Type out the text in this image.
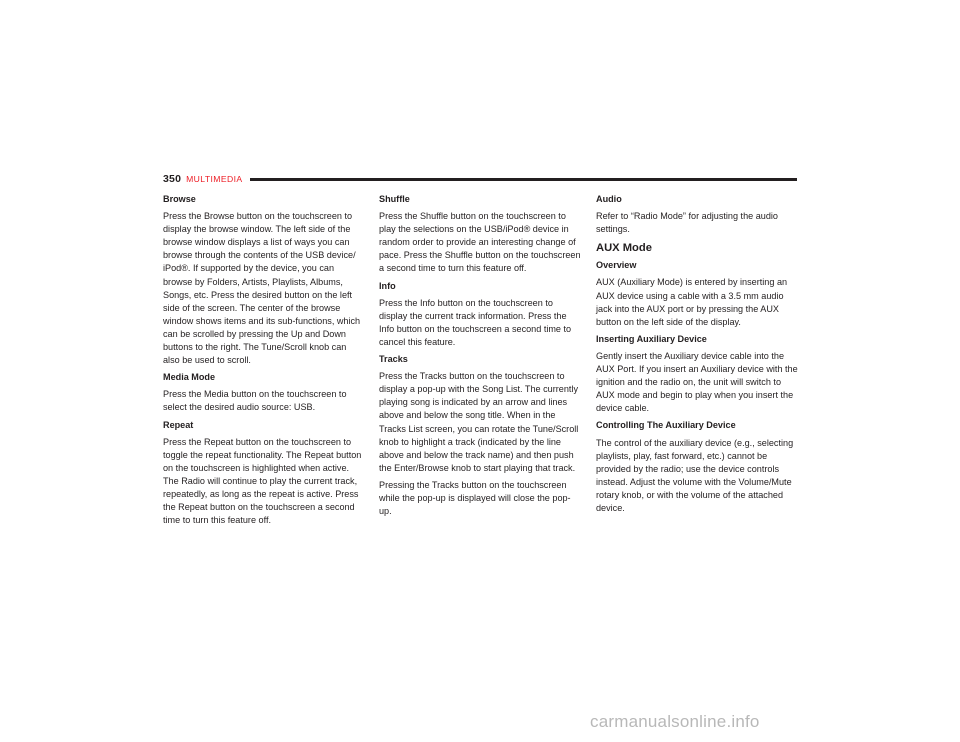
350 MULTIMEDIA
Browse
Press the Browse button on the touchscreen to display the browse window. The left side of the browse window displays a list of ways you can browse through the contents of the USB device/ iPod®. If supported by the device, you can browse by Folders, Artists, Playlists, Albums, Songs, etc. Press the desired button on the left side of the screen. The center of the browse window shows items and its sub-functions, which can be scrolled by pressing the Up and Down buttons to the right. The Tune/Scroll knob can also be used to scroll.
Media Mode
Press the Media button on the touchscreen to select the desired audio source: USB.
Repeat
Press the Repeat button on the touchscreen to toggle the repeat functionality. The Repeat button on the touchscreen is highlighted when active. The Radio will continue to play the current track, repeatedly, as long as the repeat is active. Press the Repeat button on the touchscreen a second time to turn this feature off.
Shuffle
Press the Shuffle button on the touchscreen to play the selections on the USB/iPod® device in random order to provide an interesting change of pace. Press the Shuffle button on the touchscreen a second time to turn this feature off.
Info
Press the Info button on the touchscreen to display the current track information. Press the Info button on the touchscreen a second time to cancel this feature.
Tracks
Press the Tracks button on the touchscreen to display a pop-up with the Song List. The currently playing song is indicated by an arrow and lines above and below the song title. When in the Tracks List screen, you can rotate the Tune/Scroll knob to highlight a track (indicated by the line above and below the track name) and then push the Enter/Browse knob to start playing that track.
Pressing the Tracks button on the touchscreen while the pop-up is displayed will close the pop-up.
Audio
Refer to “Radio Mode” for adjusting the audio settings.
AUX Mode
Overview
AUX (Auxiliary Mode) is entered by inserting an AUX device using a cable with a 3.5 mm audio jack into the AUX port or by pressing the AUX button on the left side of the display.
Inserting Auxiliary Device
Gently insert the Auxiliary device cable into the AUX Port. If you insert an Auxiliary device with the ignition and the radio on, the unit will switch to AUX mode and begin to play when you insert the device cable.
Controlling The Auxiliary Device
The control of the auxiliary device (e.g., selecting playlists, play, fast forward, etc.) cannot be provided by the radio; use the device controls instead. Adjust the volume with the Volume/Mute rotary knob, or with the volume of the attached device.
carmanualsonline.info
